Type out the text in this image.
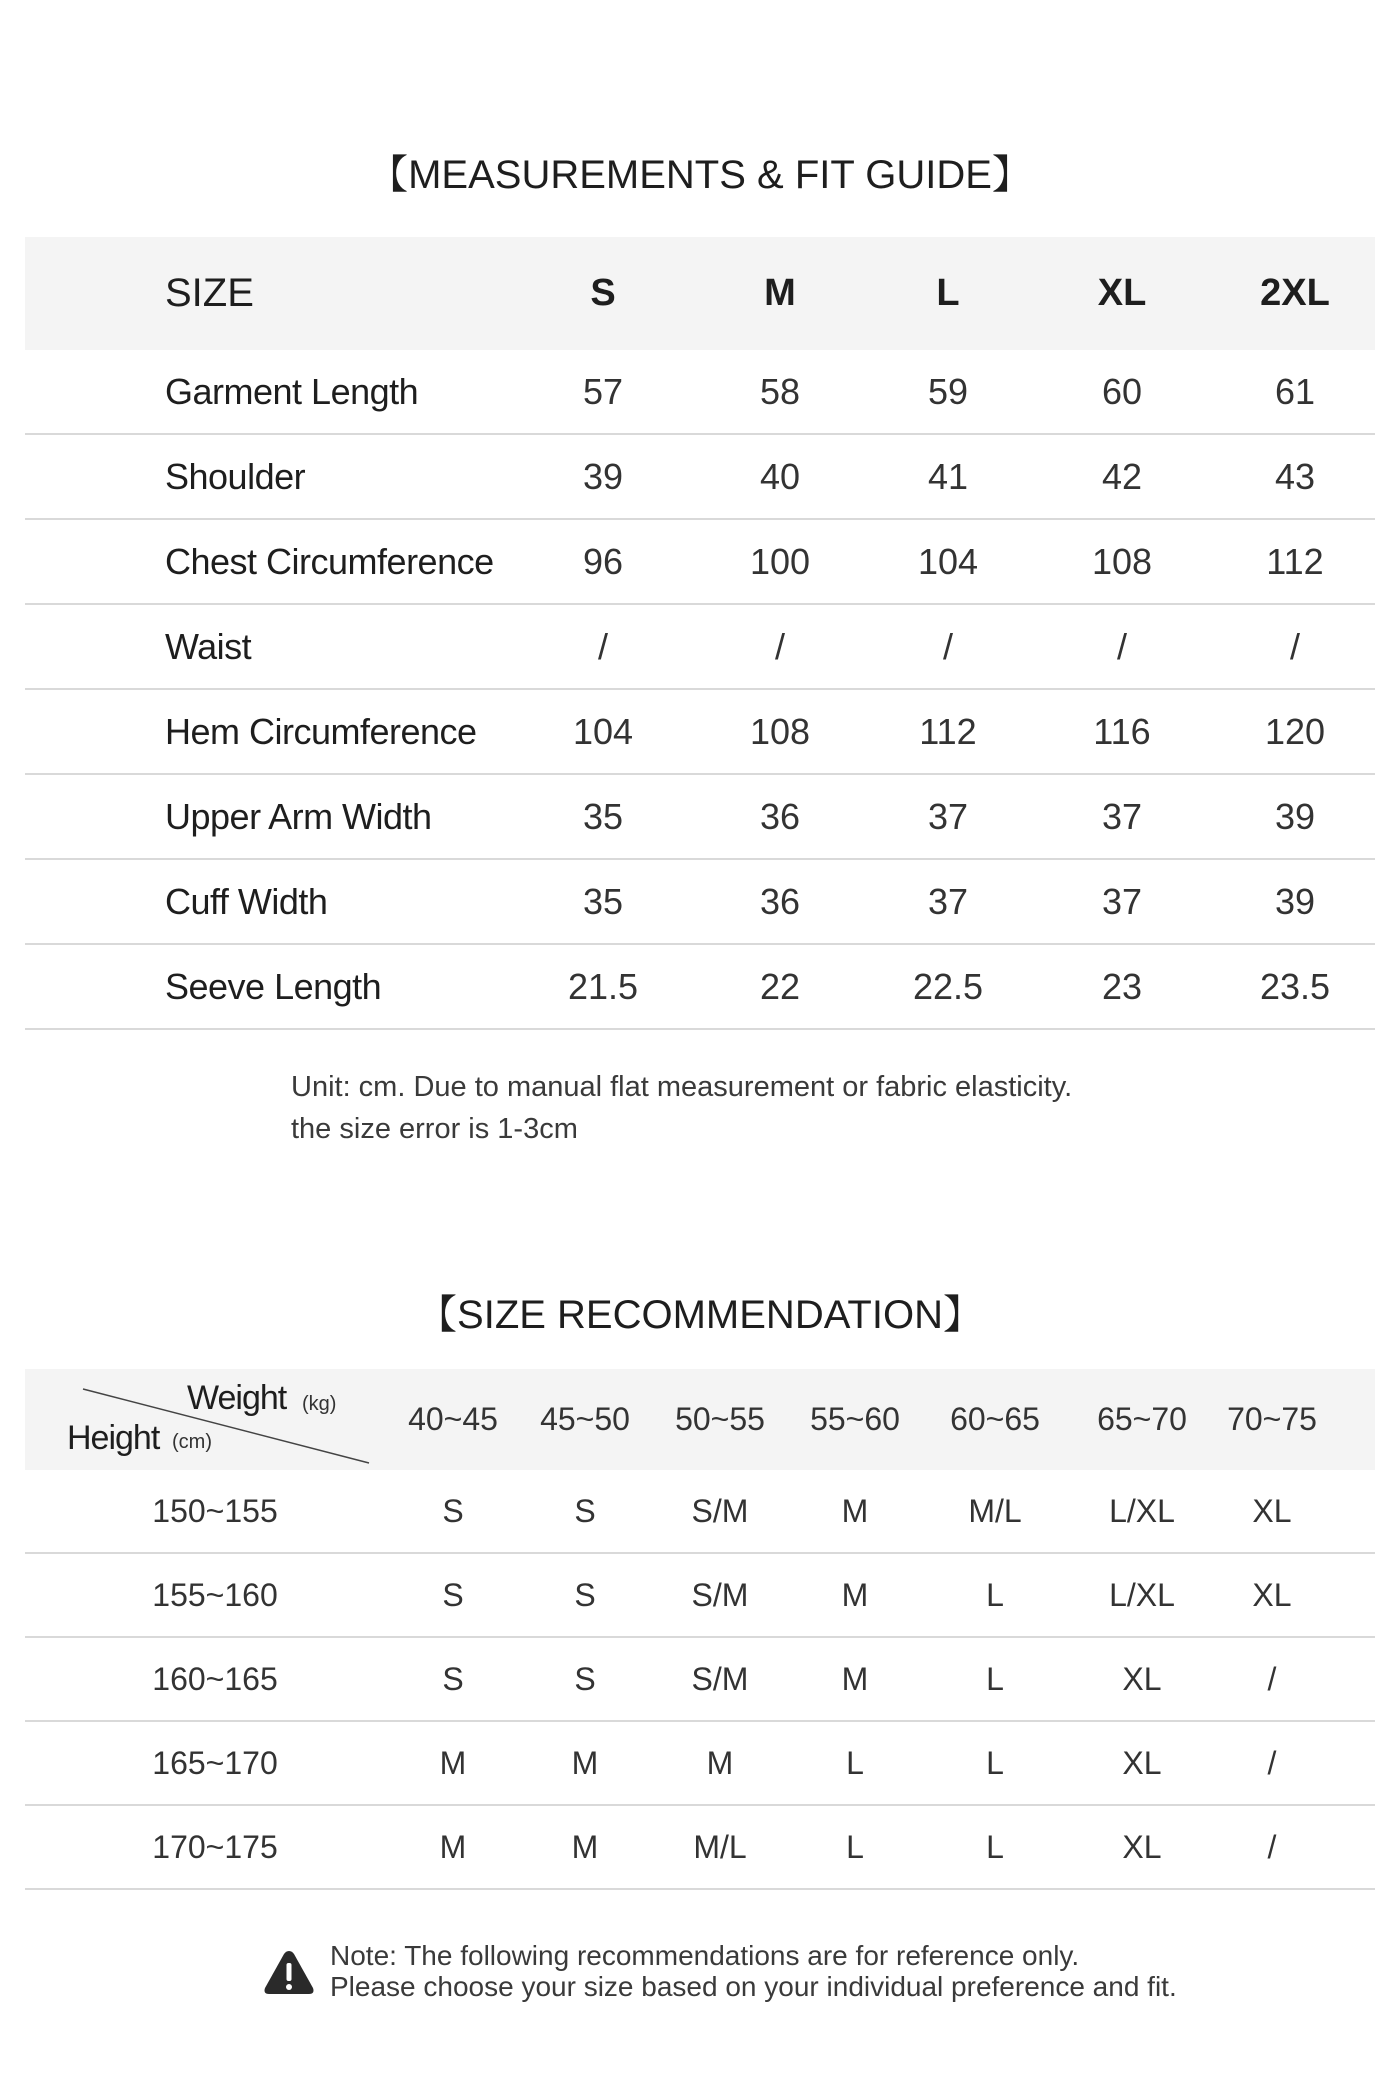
【MEASUREMENTS & FIT GUIDE】
SIZE	S	M	L	XL	2XL
Garment Length	57	58	59	60	61
Shoulder	39	40	41	42	43
Chest Circumference	96	100	104	108	112
Waist	/	/	/	/	/
Hem Circumference	104	108	112	116	120
Upper Arm Width	35	36	37	37	39
Cuff Width	35	36	37	37	39
Seeve Length	21.5	22	22.5	23	23.5
Unit: cm. Due to manual flat measurement or fabric elasticity.
the size error is 1-3cm
【SIZE RECOMMENDATION】
Weight (kg)
Height (cm)
40~45	45~50	50~55	55~60	60~65	65~70	70~75
150~155	S	S	S/M	M	M/L	L/XL	XL
155~160	S	S	S/M	M	L	L/XL	XL
160~165	S	S	S/M	M	L	XL	/
165~170	M	M	M	L	L	XL	/
170~175	M	M	M/L	L	L	XL	/
Note: The following recommendations are for reference only.
Please choose your size based on your individual preference and fit.
